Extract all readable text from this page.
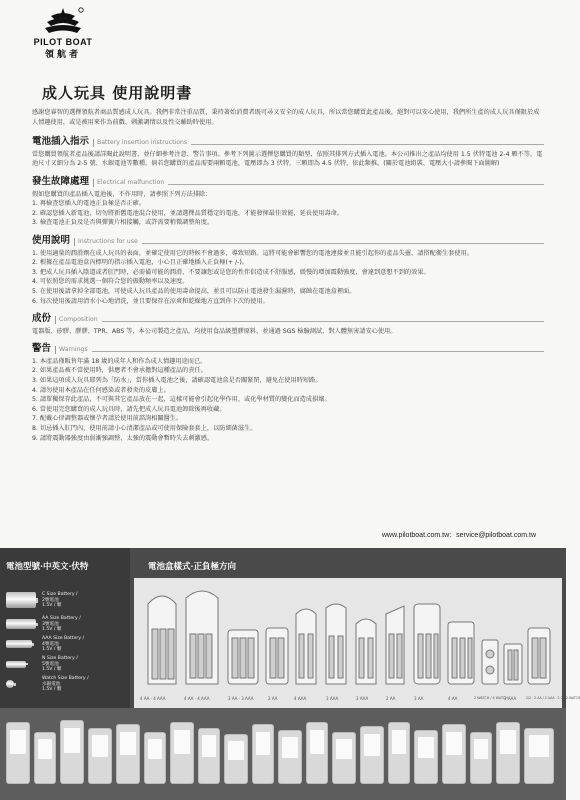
PILOT BOAT
領航者
成人玩具 使用說明書

感謝您睿智的選擇領航者商品質感成人玩具。我們非常注重品質，秉持著始消費者既可尋又安全的成人玩具，所以當您購買此產品後，絕對可以安心使用，我們所生產的成人玩具僅限於成人情趣使用，或是被用來作為前戲、刺激調情以及性交輔助時使用。

電池插入指示	Battery insertion instructions

當您購買領航者產品後請詳閱此說明書，並仔細參考注意、警告事項。參考下列圖示選擇您購買的類型，依照其排列方式插入電池。本公司推出之產品均使用 1.5 伏特電池 2-4 顆不等，電池尺寸又細分為 2-5 號、水銀電池等數種，倘若您購買的產品需要兩顆電池，電壓即為 3 伏特，三顆即為 4.5 伏特，依此類推。(關於電池組裝、電壓大小請參閱下面圖解)

發生故障處理	Electrical malfunction

假如您購買的產品插入電池後，不作用時，請參照下列方法排除：

1. 再檢查您插入的電池正負極是否正確。

2. 確認您插入新電池，切勿將新舊電池混合使用，並請選擇品質穩定的電池，才能發揮最佳效能，延長使用壽命。

3. 檢查電池正負及是否與彈簧片相接觸，或許需要稍微調整角度。

使用說明	Instructions for use

1. 使用適量的潤滑劑在成人玩具的表面，並確定使用它的時候不會過多，導致短路。這將可能會影響您的電池連接並且能引起你的產品失靈，請搭配衛生套使用。

2. 根據在產品電池盒內標明的指示插入電池，小心且正確地插入正負極(+ /-)。

3. 把成人玩具插入陰道或者肛門時，必需備可能的潤滑，不要讓您或是您的性伴侶造成不舒服感，緩慢的增加震動強度，會達到意想不到的效果。

4. 可依照您的需求挑選一個符合您的振動頻率以及速度。

5. 在使用後請拿掉全部電池，可使成人玩具產品的使用壽命提高，並且可以防止電池發生漏濕時，腐蝕在電池盒裡面。

6. 每次使用後請用清水小心地清洗，並且要保存在涼爽和乾燥地方直到你下次的使用。

成份	Composition

電器版、矽膠、膠膠、TPR、ABS 等，本公司製造之產品，均使用食品級塑膠原料，並通過 SGS 檢驗測試，對人體無害請安心使用。

警告	Warnings

1. 本產品僅販售年滿 18 歲的成年人和作為成人情趣用途而已。

2. 如果產品被不當使用時，供應者不會承擔對這種產品的責任。

3. 如果這項成人玩具耶列為「防水」，當你插入電池之後，請確認電池盒是否關緊閉，避免在使用時短路。

4. 請勿使用本產品在任何感染或者發炎的皮膚上。

5. 請單獨保存此產品，不可與其它產品放在一起，這樣可能會引起化學作用，或化學材質的變化而造成損壞。

6. 當使用完您購買的成人玩具時，請先把成人玩具電池卸除後再收藏。

7. 配戴心律調整器或懷孕者請於使用前諮詢相關醫生。

8. 切忌插入肛門內，使用前請小心清潔產品或可使用保險套套上，以防細菌滋生。

9. 請將震動器強度由弱漸強調整，太強的震動會暫時失去刺激感。

www.pilotboat.com.tw：service@pilotboat.com.tw
電池型號·中英文·伏特
C Size Battery /
2號電池
1.5V / 顆
AA Size Battery /
3號電池
1.5V / 顆
AAA Size Battery /
4號電池
1.5V / 顆
N Size Battery /
5號電池
1.5V / 顆
Watch Size Battery /
水銀電池
1.5V / 顆
電池盒樣式·正負極方向
4 AA · 4 AAA	4 AA · 4 AAA	3 AA · 3 AAA	2 AA	4 AAA	3 AAA	3 AAA	2 AA	3 AA	4 AA	2 WATCH / 4 WATCH
3 AAA	2/2 · 2 AA / 2 AAA · 2 C / 2 WATCH
